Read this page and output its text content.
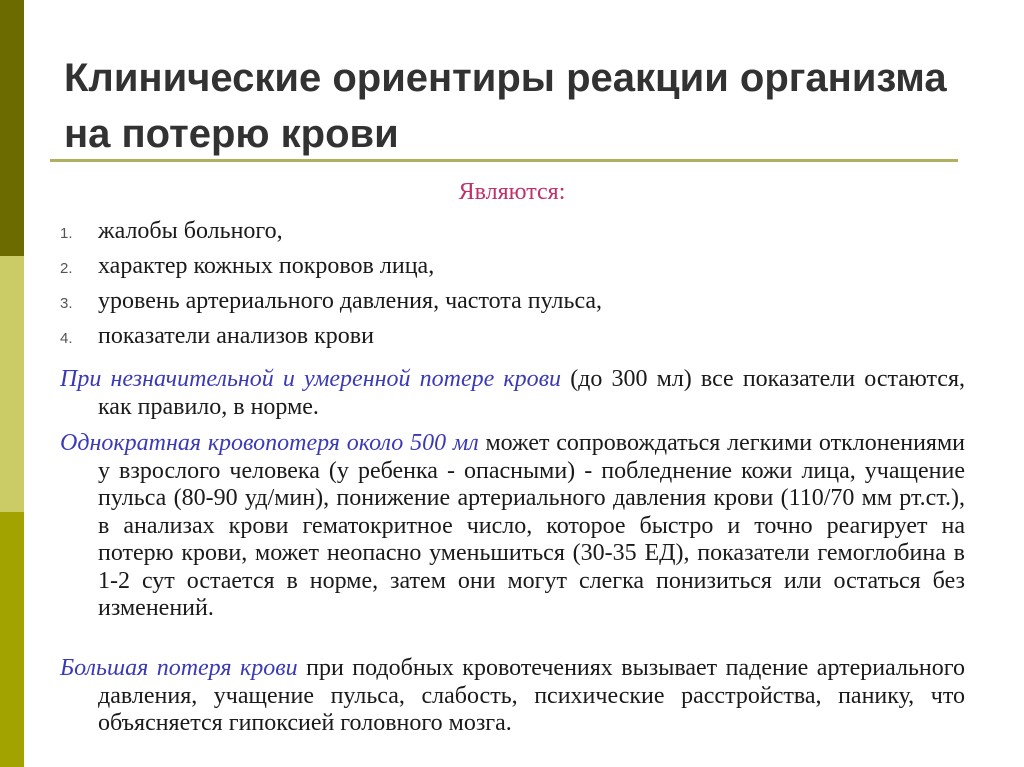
Клинические ориентиры реакции организма на потерю крови
Являются:
1.	жалобы больного,
2.	характер кожных покровов лица,
3.	уровень артериального давления, частота пульса,
4.	показатели анализов крови
При незначительной и умеренной потере крови (до 300 мл) все показатели остаются, как правило, в норме.
Однократная кровопотеря около 500 мл может сопровождаться легкими отклонениями у взрослого человека (у ребенка - опасными) - побледнение кожи лица, учащение пульса (80-90 уд/мин), понижение артериального давления крови (110/70 мм рт.ст.), в анализах крови гематокритное число, которое быстро и точно реагирует на потерю крови, может неопасно уменьшиться (30-35 ЕД), показатели гемоглобина в 1-2 сут остается в норме, затем они могут слегка понизиться или остаться без изменений.
Большая потеря крови при подобных кровотечениях вызывает падение артериального давления, учащение пульса, слабость, психические расстройства, панику, что объясняется гипоксией головного мозга.
